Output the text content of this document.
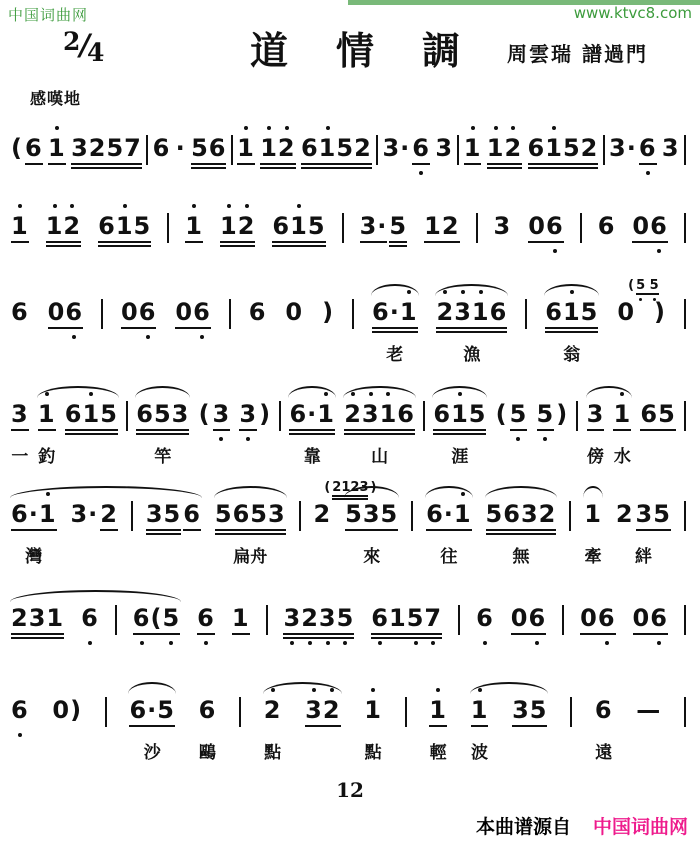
中国词曲网	www.ktvc8.com
2/4	道情調 周雲瑞 譜過門
感嘆地
(6 1 3257 6 · 56 1 1
2 61
52 3·6 3 1 1
2 61
52 3·6 3
1 1
2 61
5 1 1
2 61
5 3·5 12 3 06 6 06
6 06 06 06 6 0 ) 6·1
老
2
3
1
6
漁
61
5
翁
0
( 5 5
)
3
一
1
釣
61
5 653
竿
(3 3
) 6·1
靠
2
3
1
6
山
61
5
涯
(5 5
) 3
傍
1
水
65
6·1
灣
3·2 356 5653
扁舟
2
( 2123 )
535
來
6·1
往
5632
無
1
牽
235
絆
231 6 6
(5 6 1 3
2
3
5 6
15
7 6 06 06 06
6 0) 6·5
沙
6
鷗
2
點
3
2 1
點
1
輕
1
波
35 6
遠
—
12
本曲谱源自 中国词曲网
